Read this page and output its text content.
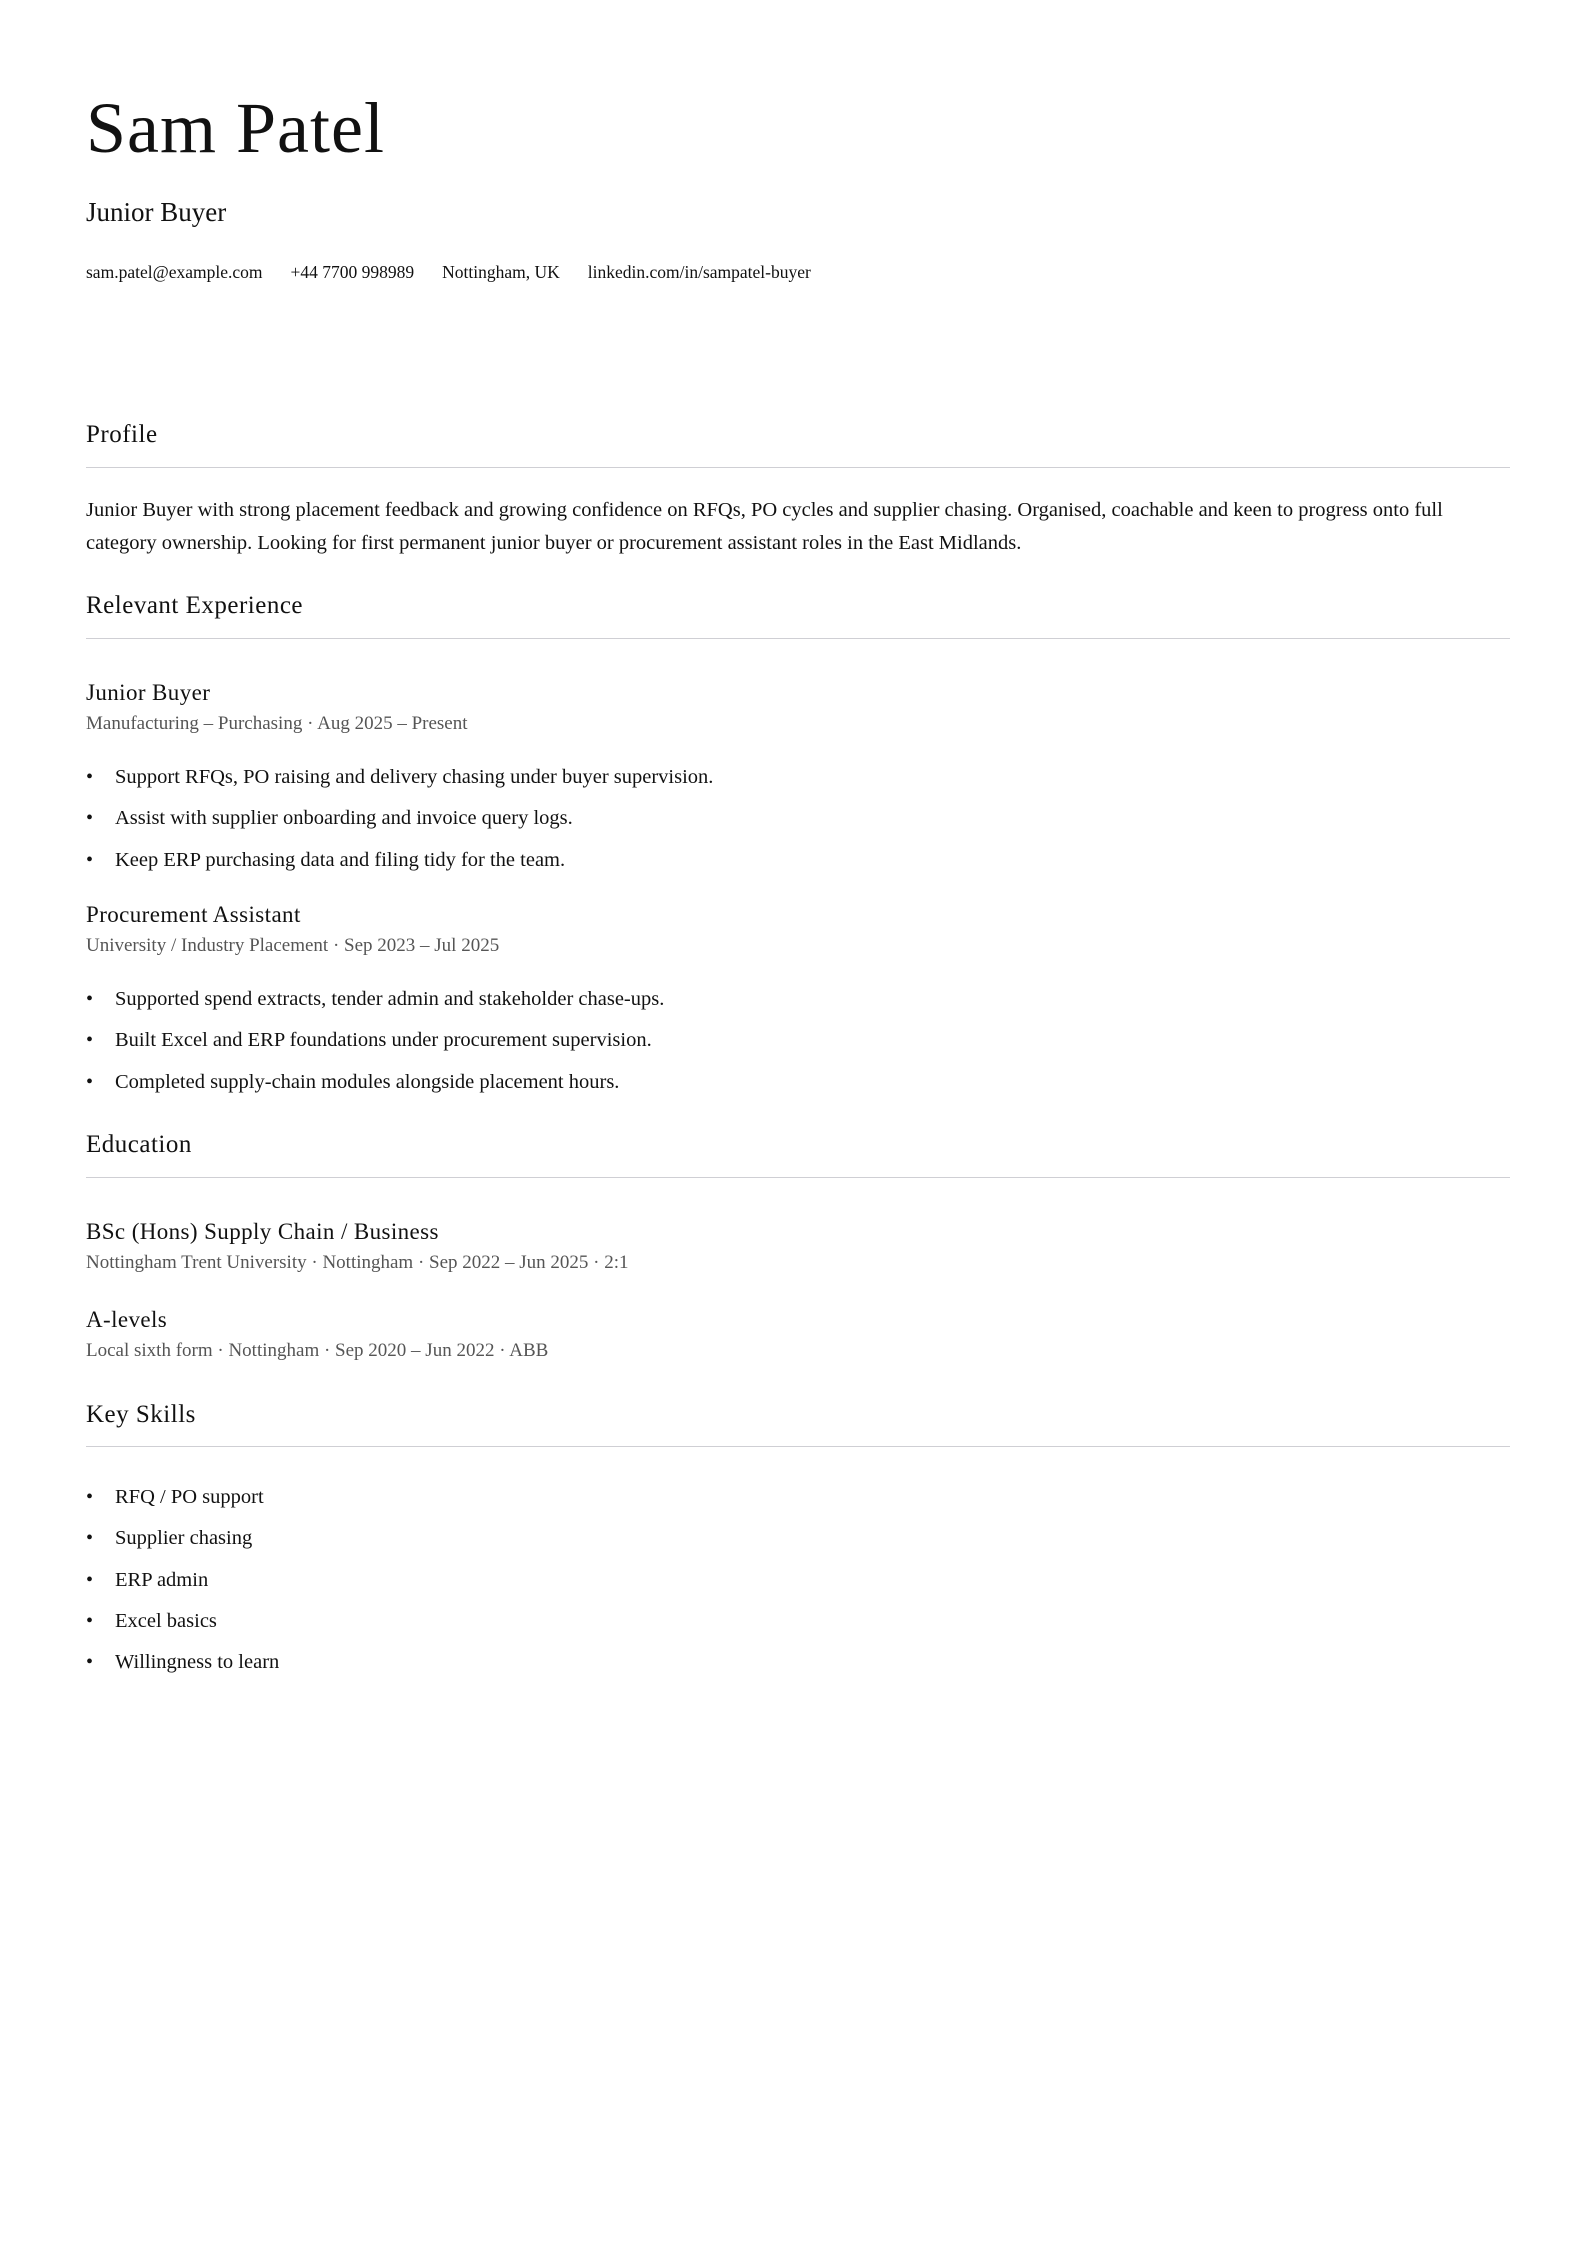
Sam Patel
Junior Buyer
sam.patel@example.com +44 7700 998989 Nottingham, UK linkedin.com/in/sampatel-buyer
Profile

Junior Buyer with strong placement feedback and growing confidence on RFQs, PO cycles and supplier chasing. Organised, coachable and keen to progress onto full category ownership. Looking for first permanent junior buyer or procurement assistant roles in the East Midlands.

Relevant Experience
Junior Buyer
Manufacturing – Purchasing · Aug 2025 – Present
• Support RFQs, PO raising and delivery chasing under buyer supervision.
• Assist with supplier onboarding and invoice query logs.
• Keep ERP purchasing data and filing tidy for the team.
Procurement Assistant
University / Industry Placement · Sep 2023 – Jul 2025
• Supported spend extracts, tender admin and stakeholder chase-ups.
• Built Excel and ERP foundations under procurement supervision.
• Completed supply-chain modules alongside placement hours.
Education
BSc (Hons) Supply Chain / Business
Nottingham Trent University · Nottingham · Sep 2022 – Jun 2025 · 2:1
A-levels
Local sixth form · Nottingham · Sep 2020 – Jun 2022 · ABB
Key Skills
• RFQ / PO support
• Supplier chasing
• ERP admin
• Excel basics
• Willingness to learn
